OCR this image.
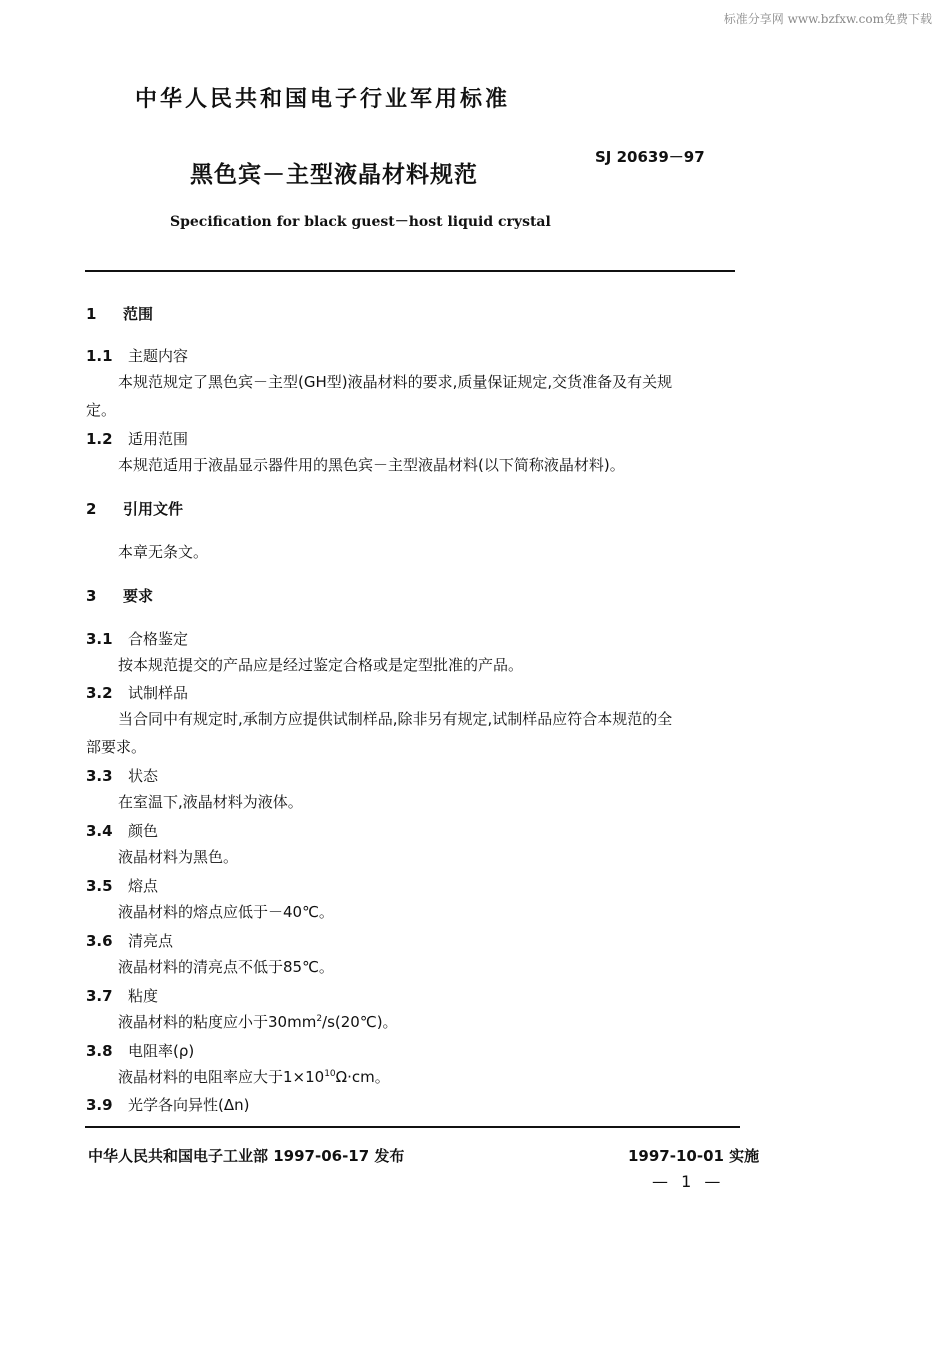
标准分享网 www.bzfxw.com免费下载
中华人民共和国电子行业军用标准
黑色宾－主型液晶材料规范
SJ 20639－97
Specification for black guest－host liquid crystal
1 范围
1.1 主题内容
本规范规定了黑色宾－主型(GH型)液晶材料的要求,质量保证规定,交货准备及有关规
定。
1.2 适用范围
本规范适用于液晶显示器件用的黑色宾－主型液晶材料(以下简称液晶材料)。
2 引用文件
本章无条文。
3 要求
3.1 合格鉴定
按本规范提交的产品应是经过鉴定合格或是定型批准的产品。
3.2 试制样品
当合同中有规定时,承制方应提供试制样品,除非另有规定,试制样品应符合本规范的全
部要求。
3.3 状态
在室温下,液晶材料为液体。
3.4 颜色
液晶材料为黑色。
3.5 熔点
液晶材料的熔点应低于－40℃。
3.6 清亮点
液晶材料的清亮点不低于85℃。
3.7 粘度
液晶材料的粘度应小于$30mm^2/s(20℃)$。
3.8 电阻率(ρ)
液晶材料的电阻率应大于$1\times 10^{10}\Omega\cdot cm$。
3.9 光学各向异性(Δn)
中华人民共和国电子工业部 1997-06-17 发布	1997-10-01 实施
— 1 —
